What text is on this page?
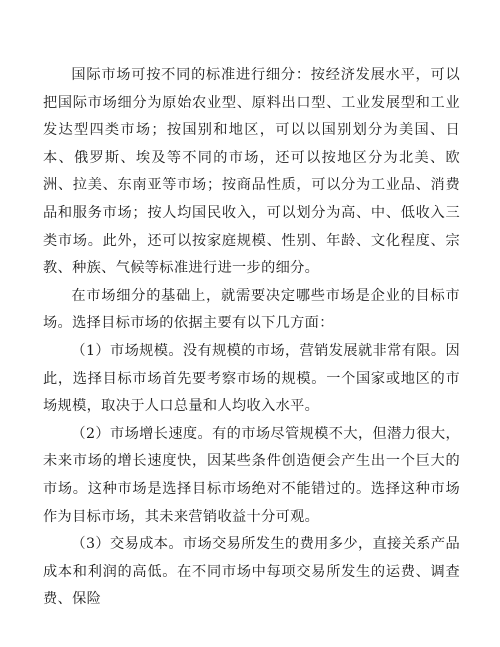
国际市场可按不同的标准进行细分：按经济发展水平，可以把国际市场细分为原始农业型、原料出口型、工业发展型和工业发达型四类市场；按国别和地区，可以以国别划分为美国、日本、俄罗斯、埃及等不同的市场，还可以按地区分为北美、欧洲、拉美、东南亚等市场；按商品性质，可以分为工业品、消费品和服务市场；按人均国民收入，可以划分为高、中、低收入三类市场。此外，还可以按家庭规模、性别、年龄、文化程度、宗教、种族、气候等标准进行进一步的细分。

在市场细分的基础上，就需要决定哪些市场是企业的目标市场。选择目标市场的依据主要有以下几方面：

（1）市场规模。没有规模的市场，营销发展就非常有限。因此，选择目标市场首先要考察市场的规模。一个国家或地区的市场规模，取决于人口总量和人均收入水平。

（2）市场增长速度。有的市场尽管规模不大，但潜力很大，未来市场的增长速度快，因某些条件创造便会产生出一个巨大的市场。这种市场是选择目标市场绝对不能错过的。选择这种市场作为目标市场，其未来营销收益十分可观。

（3）交易成本。市场交易所发生的费用多少，直接关系产品成本和利润的高低。在不同市场中每项交易所发生的运费、调查费、保险
